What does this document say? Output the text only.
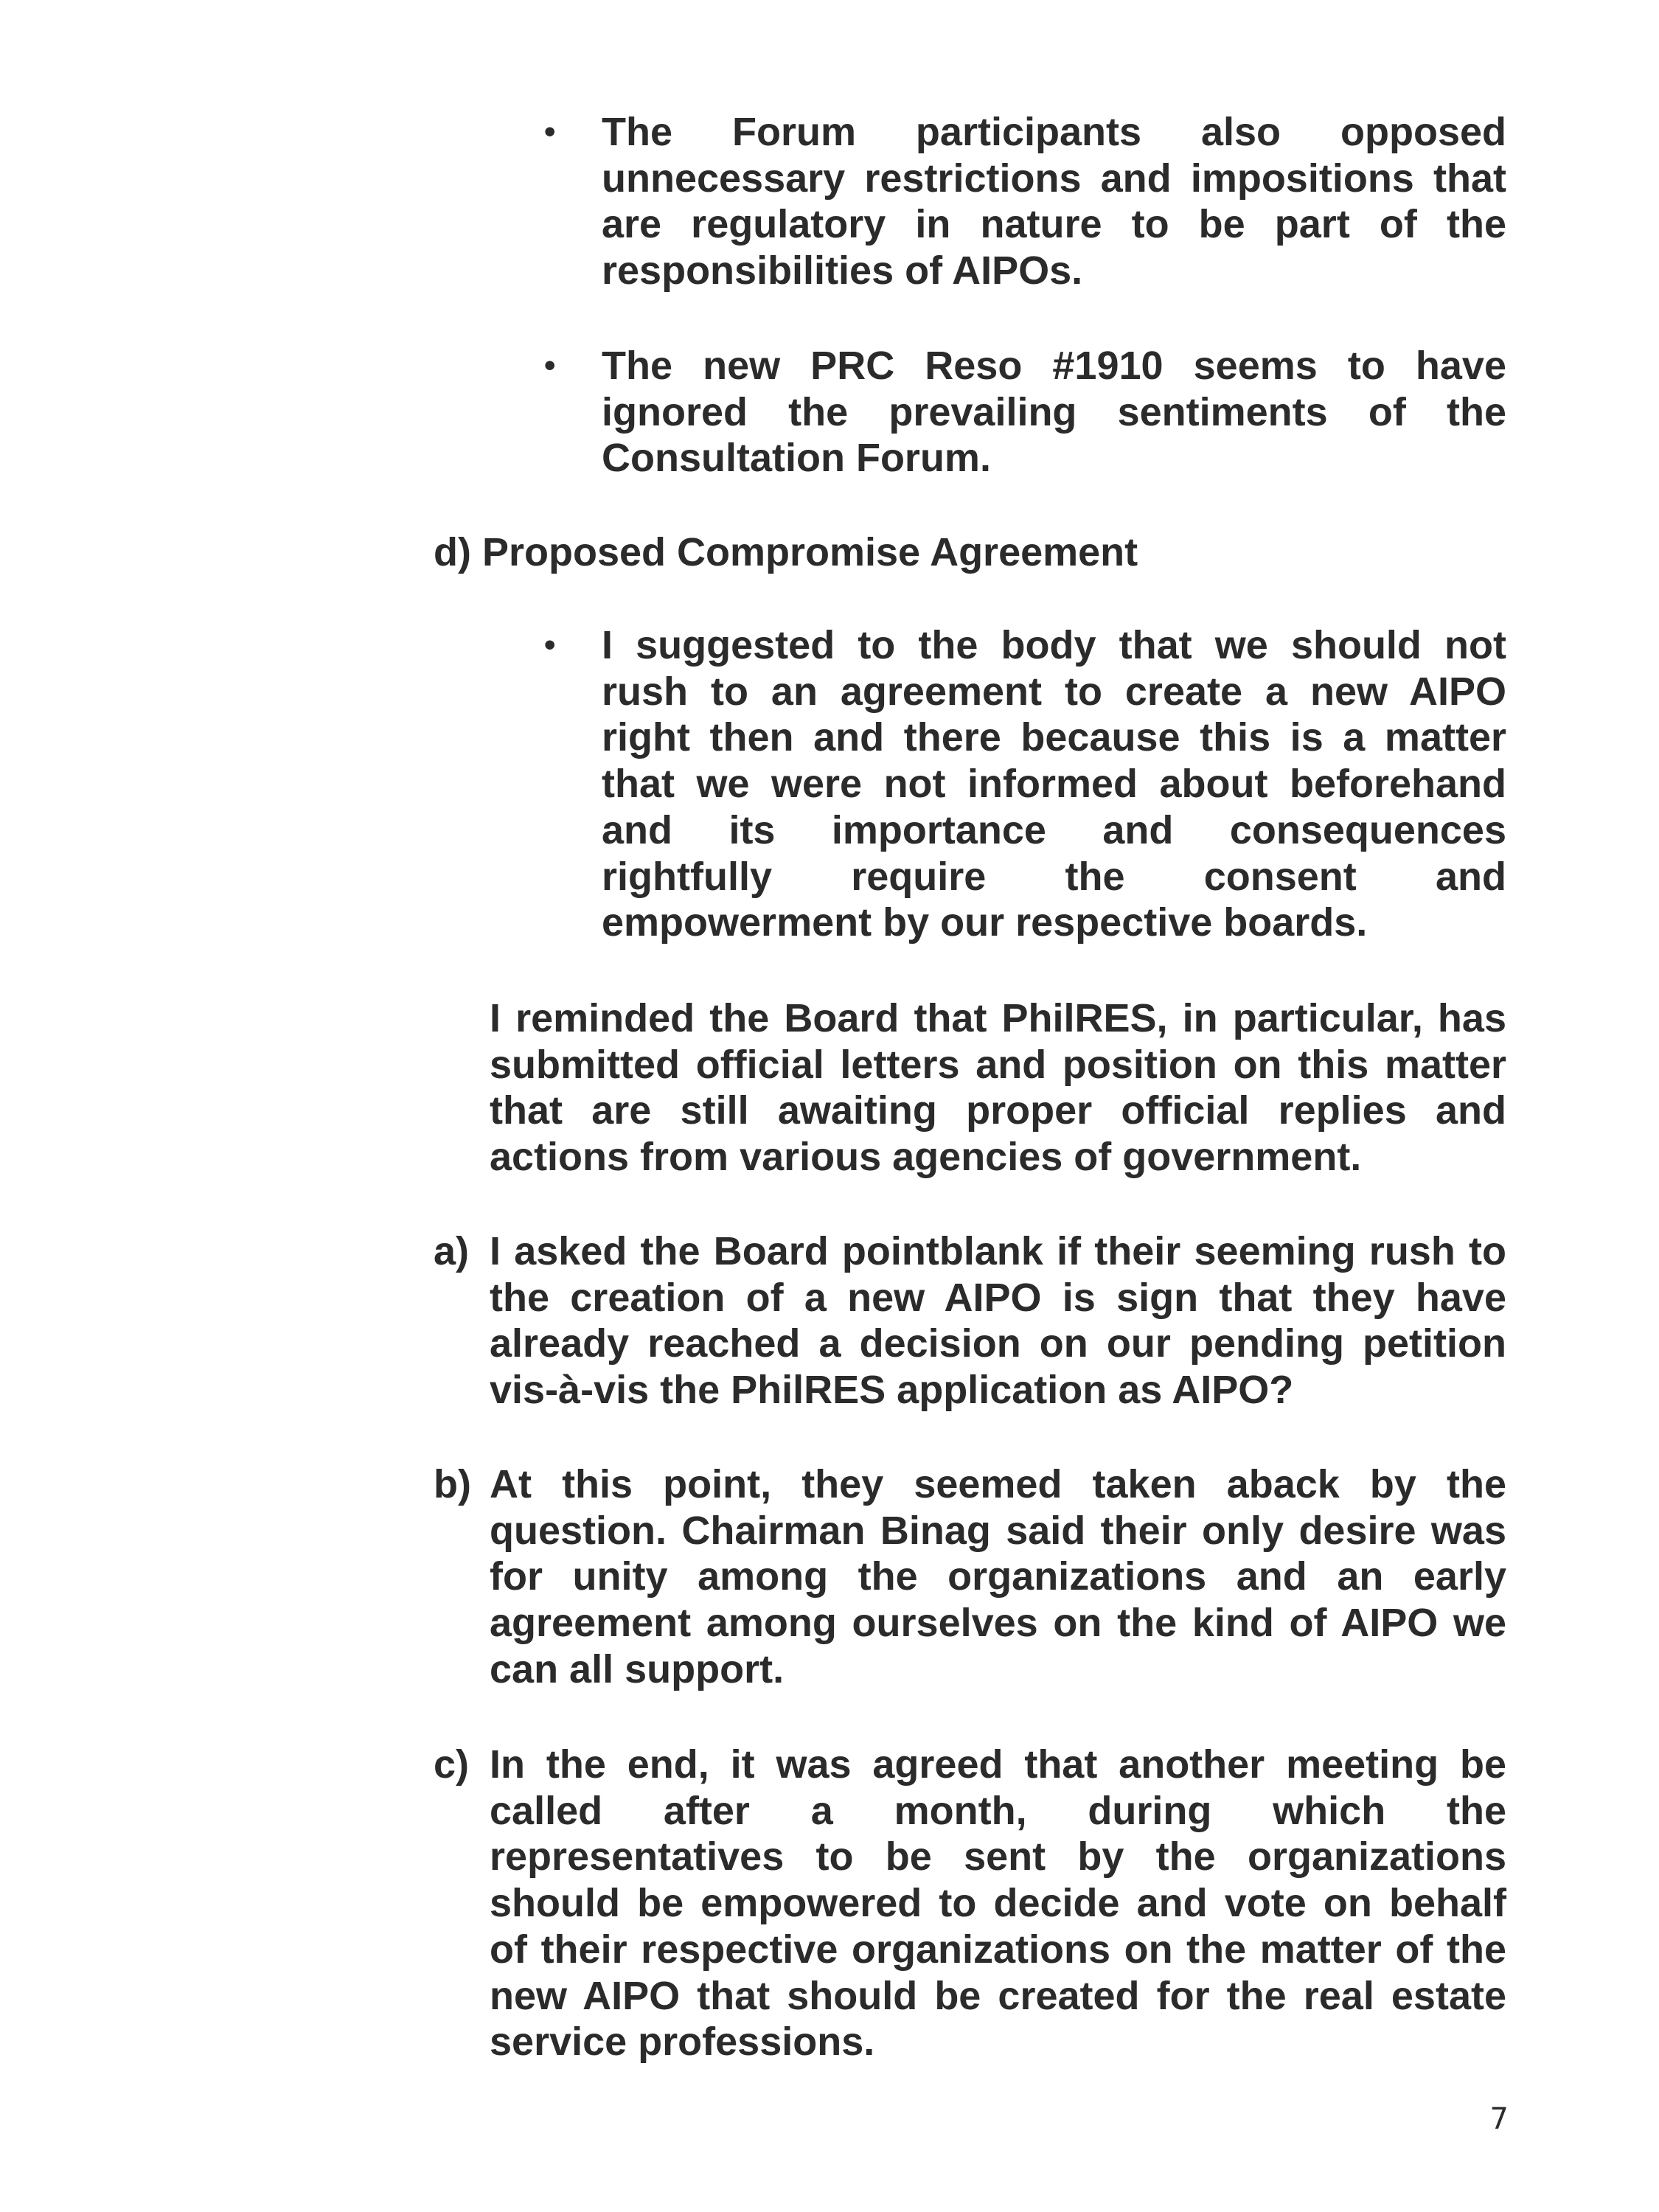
•	The Forum participants also opposed unnecessary restrictions and impositions that are regulatory in nature to be part of the responsibilities of AIPOs.
•	The new PRC Reso #1910 seems to have ignored the prevailing sentiments of the Consultation Forum.
d) Proposed Compromise Agreement
•	I suggested to the body that we should not rush to an agreement to create a new AIPO right then and there because this is a matter that we were not informed about beforehand and its importance and consequences rightfully require the consent and empowerment by our respective boards.
I reminded the Board that PhilRES, in particular, has submitted official letters and position on this matter that are still awaiting proper official replies and actions from various agencies of government.
a) I asked the Board pointblank if their seeming rush to the creation of a new AIPO is sign that they have already reached a decision on our pending petition vis-à-vis the PhilRES application as AIPO?
b) At this point, they seemed taken aback by the question. Chairman Binag said their only desire was for unity among the organizations and an early agreement among ourselves on the kind of AIPO we can all support.
c) In the end, it was agreed that another meeting be called after a month, during which the representatives to be sent by the organizations should be empowered to decide and vote on behalf of their respective organizations on the matter of the new AIPO that should be created for the real estate service professions.
7
